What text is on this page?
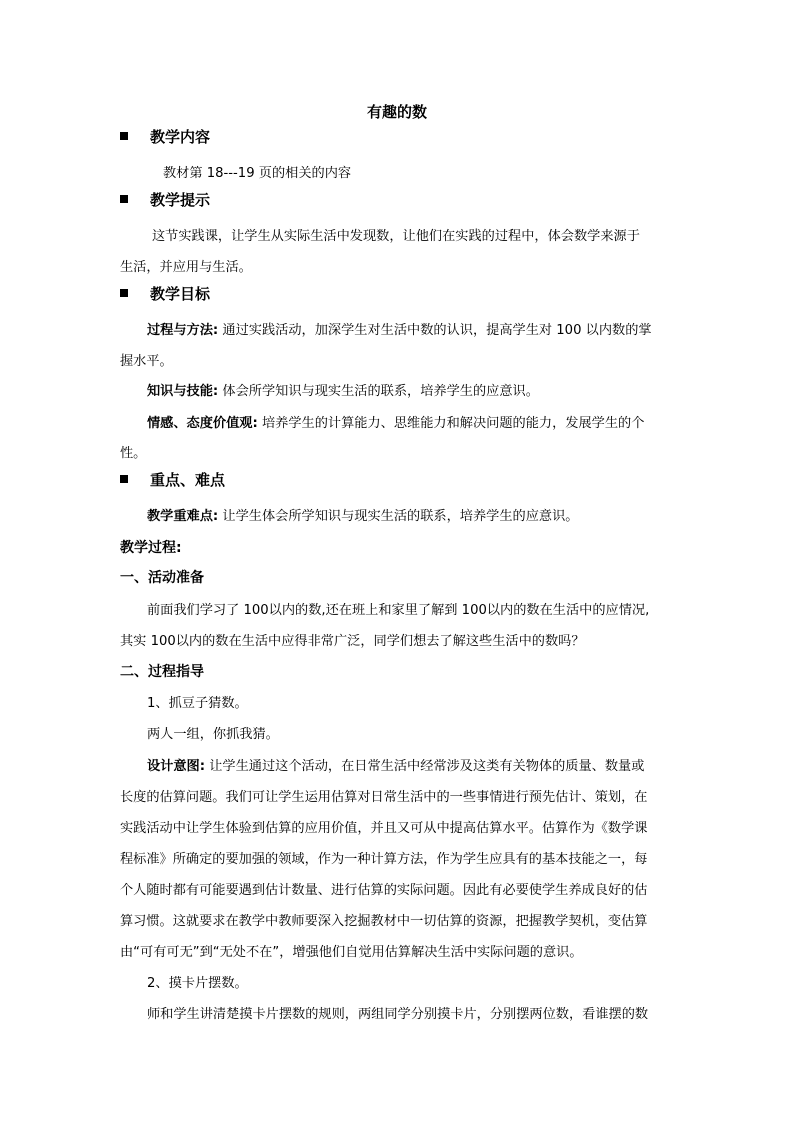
有趣的数
教学内容
教材第 18---19 页的相关的内容
教学提示
这节实践课，让学生从实际生活中发现数，让他们在实践的过程中，体会数学来源于
生活，并应用与生活。
教学目标
过程与方法: 通过实践活动，加深学生对生活中数的认识，提高学生对 100 以内数的掌
握水平。
知识与技能: 体会所学知识与现实生活的联系，培养学生的应意识。
情感、态度价值观: 培养学生的计算能力、思维能力和解决问题的能力，发展学生的个
性。
重点、难点
教学重难点: 让学生体会所学知识与现实生活的联系，培养学生的应意识。
教学过程:
一、活动准备
前面我们学习了 100以内的数,还在班上和家里了解到 100以内的数在生活中的应情况,
其实 100以内的数在生活中应得非常广泛，同学们想去了解这些生活中的数吗？
二、过程指导
1、抓豆子猜数。
两人一组，你抓我猜。
设计意图: 让学生通过这个活动，在日常生活中经常涉及这类有关物体的质量、数量或
长度的估算问题。我们可让学生运用估算对日常生活中的一些事情进行预先估计、策划，在
实践活动中让学生体验到估算的应用价值，并且又可从中提高估算水平。估算作为《数学课
程标准》所确定的要加强的领域，作为一种计算方法，作为学生应具有的基本技能之一，每
个人随时都有可能要遇到估计数量、进行估算的实际问题。因此有必要使学生养成良好的估
算习惯。这就要求在教学中教师要深入挖掘教材中一切估算的资源，把握教学契机，变估算
由“可有可无”到“无处不在”，增强他们自觉用估算解决生活中实际问题的意识。
2、摸卡片摆数。
师和学生讲清楚摸卡片摆数的规则，两组同学分别摸卡片，分别摆两位数，看谁摆的数
